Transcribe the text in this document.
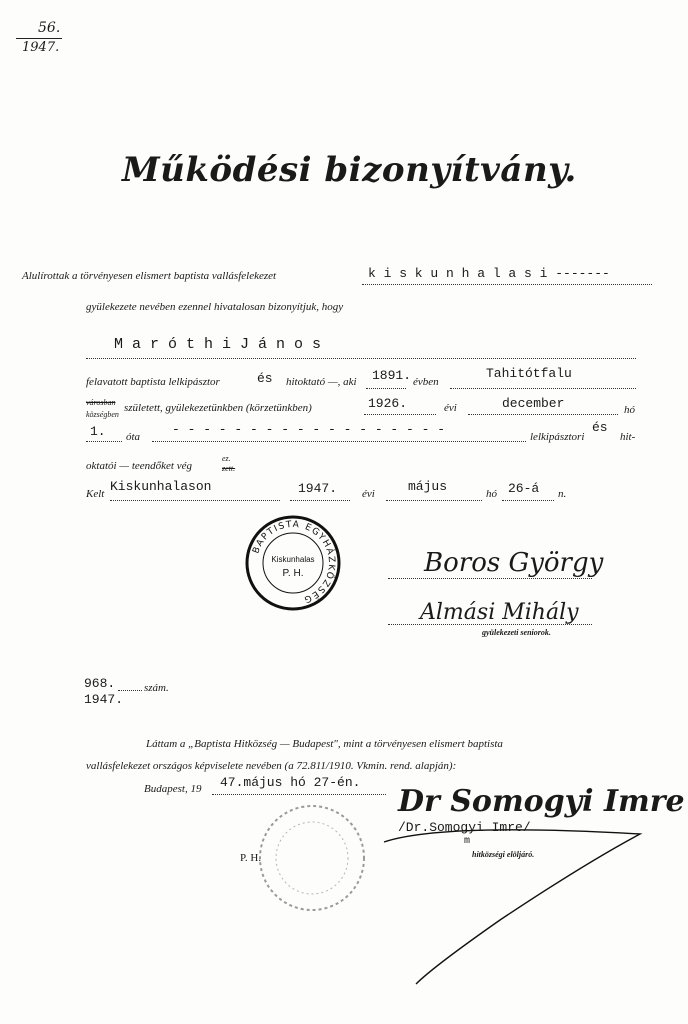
56.
1947.
Működési bizonyítvány.
Alulírottak a törvényesen elismert baptista vallásfelekezet	k i s k u n h a l a s i -------
gyülekezete nevében ezennel hivatalosan bizonyítjuk, hogy
M a r ó t h i J á n o s
felavatott baptista lelkipásztor	és hitoktató —, aki 1891. évben
Tahitótfalu
városban
községben
született, gyülekezetünkben (körzetünkben)	1926.	évi	december	hó
1. óta - - - - - - - - - - - - - - - - - -	lelkipásztori
és
hit-
oktatói — teendőket vég
ez.
zett.
Kelt Kiskunhalason	1947. évi	május	hó 26-á n.
BAPTISTA EGYHÁZKÖZSÉG
Kiskunhalas
P. H.	Boros György
Almási Mihály
gyülekezeti seniorok.
968.
1947.
szám.
Láttam a „Baptista Hitközség — Budapest", mint a törvényesen elismert baptista
vallásfelekezet országos képviselete nevében (a 72.811/1910. Vkmin. rend. alapján):
Budapest, 19 47.május hó 27-én.
Dr Somogyi Imre
/Dr.Somogyi Imre/
m
hitközségi elöljáró.
P. H.
